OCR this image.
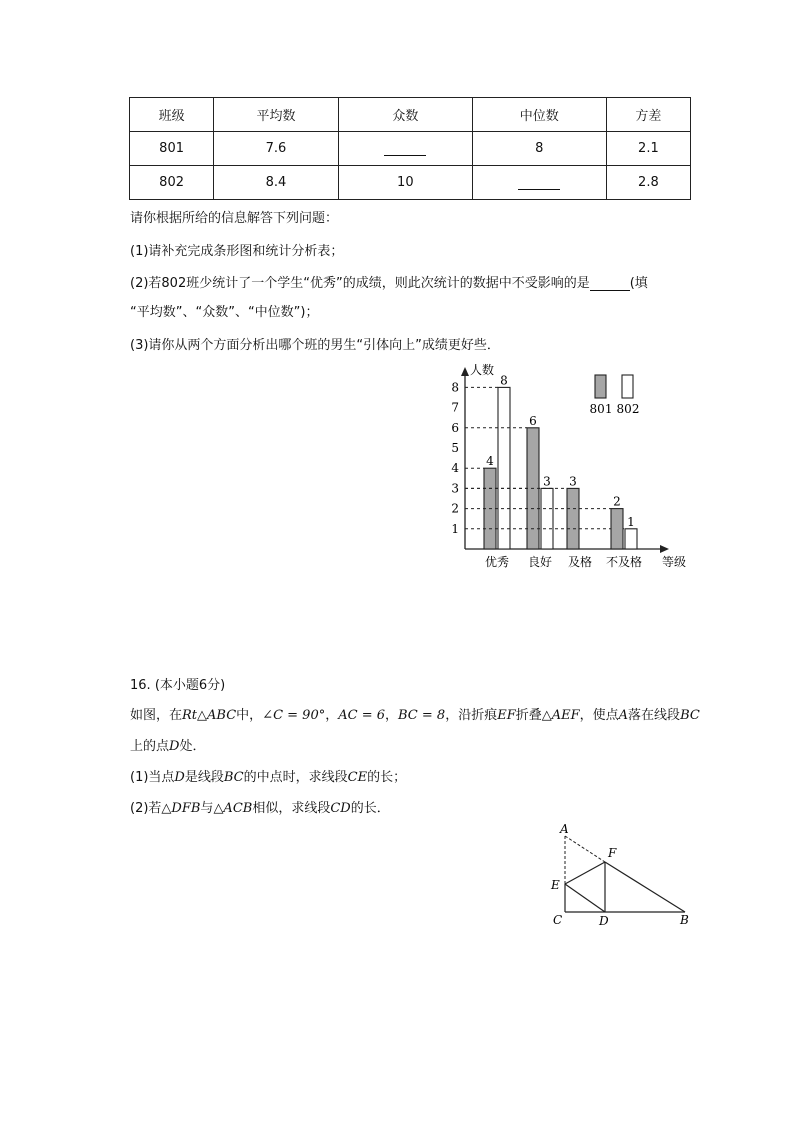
班级	平均数	众数	中位数	方差
801	7.6		8	2.1
802	8.4	10		2.8
请你根据所给的信息解答下列问题：
(1)请补充完成条形图和统计分析表；
(2)若802班少统计了一个学生“优秀”的成绩，则此次统计的数据中不受影响的是	(填
“平均数”、“众数”、“中位数”)；
(3)请你从两个方面分析出哪个班的男生“引体向上”成绩更好些．
人数
等级
1
2
3
4
5
6
7
8
4
8
优秀
6
3
良好
3
及格
2
1
不及格
801 802
16. (本小题6分)
如图，在Rt△ABC中，∠C = 90°，AC = 6，BC = 8，沿折痕EF折叠△AEF，使点A落在线段BC
上的点D处．
(1)当点D是线段BC的中点时，求线段CE的长；
(2)若△DFB与△ACB相似，求线段CD的长．
A
F
E
C	D	B
